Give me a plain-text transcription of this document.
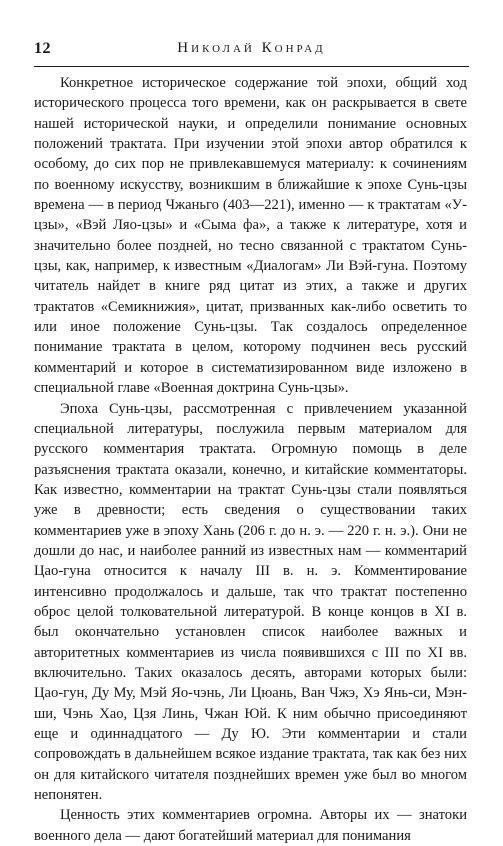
12	Николай Конрад

Конкретное историческое содержание той эпохи, общий ход исторического процесса того времени, как он раскрывается в свете нашей исторической науки, и определили понимание основных положений трактата. При изучении этой эпохи автор обратился к особому, до сих пор не привлекавшемуся материалу: к сочинениям по военному искусству, возникшим в ближайшие к эпохе Сунь-цзы времена — в период Чжаньго (403—221), именно — к трактатам «У-цзы», «Вэй Ляо-цзы» и «Сыма фа», а также к литературе, хотя и значительно более поздней, но тесно связанной с трактатом Сунь-цзы, как, например, к известным «Диалогам» Ли Вэй-гуна. Поэтому читатель найдет в книге ряд цитат из этих, а также и других трактатов «Семикнижия», цитат, призванных как-либо осветить то или иное положение Сунь-цзы. Так создалось определенное понимание трактата в целом, которому подчинен весь русский комментарий и которое в систематизированном виде изложено в специальной главе «Военная доктрина Сунь-цзы».

Эпоха Сунь-цзы, рассмотренная с привлечением указанной специальной литературы, послужила первым материалом для русского комментария трактата. Огромную помощь в деле разъяснения трактата оказали, конечно, и китайские комментаторы. Как известно, комментарии на трактат Сунь-цзы стали появляться уже в древности; есть сведения о существовании таких комментариев уже в эпоху Хань (206 г. до н. э. — 220 г. н. э.). Они не дошли до нас, и наиболее ранний из известных нам — комментарий Цао-гуна относится к началу III в. н. э. Комментирование интенсивно продолжалось и дальше, так что трактат постепенно оброс целой толковательной литературой. В конце концов в XI в. был окончательно установлен список наиболее важных и авторитетных комментариев из числа появившихся с III по XI вв. включительно. Таких оказалось десять, авторами которых были: Цао-гун, Ду Му, Мэй Яо-чэнь, Ли Цюань, Ван Чжэ, Хэ Янь-си, Мэн-ши, Чэнь Хао, Цзя Линь, Чжан Юй. К ним обычно присоединяют еще и одиннадцатого — Ду Ю. Эти комментарии и стали сопровождать в дальнейшем всякое издание трактата, так как без них он для китайского читателя позднейших времен уже был во многом непонятен.

Ценность этих комментариев огромна. Авторы их — знатоки военного дела — дают богатейший материал для понимания
